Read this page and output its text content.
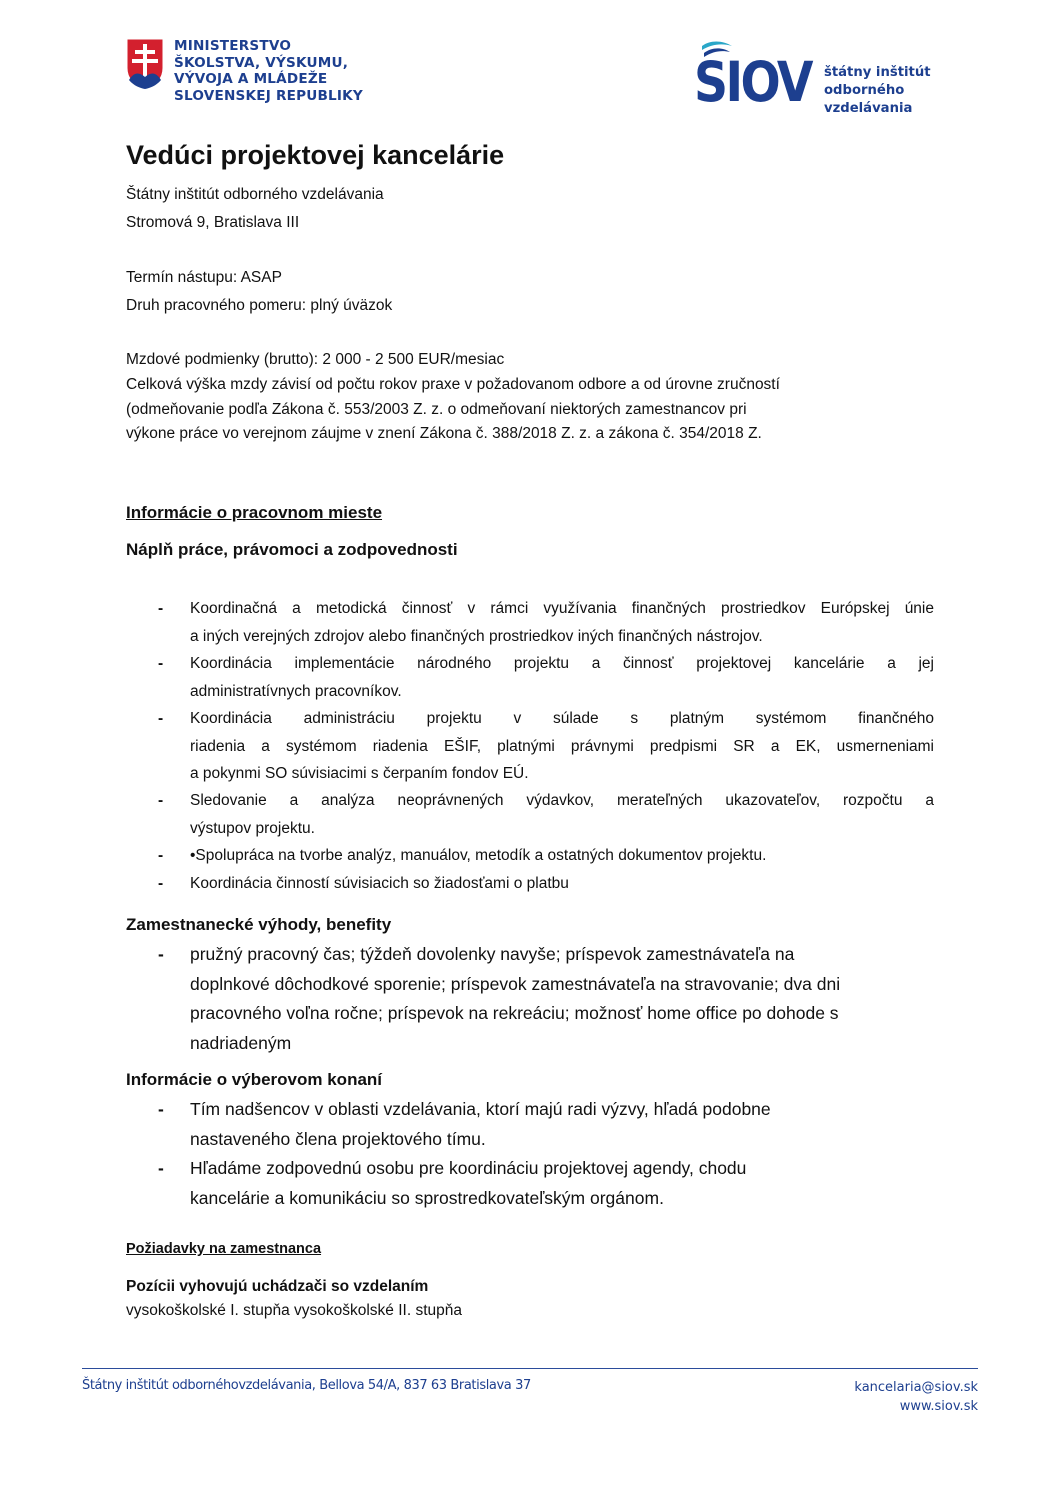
MINISTERSTVO
ŠKOLSTVA, VÝSKUMU,
VÝVOJA A MLÁDEŽE
SLOVENSKEJ REPUBLIKY	SIOV štátny inštitút
odborného
vzdelávania
Vedúci projektovej kancelárie
Štátny inštitút odborného vzdelávania
Stromová 9, Bratislava III
Termín nástupu: ASAP
Druh pracovného pomeru: plný úväzok
Mzdové podmienky (brutto): 2 000 - 2 500 EUR/mesiac
Celková výška mzdy závisí od počtu rokov praxe v požadovanom odbore a od úrovne zručností
(odmeňovanie podľa Zákona č. 553/2003 Z. z. o odmeňovaní niektorých zamestnancov pri
výkone práce vo verejnom záujme v znení Zákona č. 388/2018 Z. z. a zákona č. 354/2018 Z.
Informácie o pracovnom mieste
Náplň práce, právomoci a zodpovednosti
- Koordinačná a metodická činnosť v rámci využívania finančných prostriedkov Európskej únie
a iných verejných zdrojov alebo finančných prostriedkov iných finančných nástrojov.
- Koordinácia implementácie národného projektu a činnosť projektovej kancelárie a jej
administratívnych pracovníkov.
- Koordinácia administráciu projektu v súlade s platným systémom finančného
riadenia a systémom riadenia EŠIF, platnými právnymi predpismi SR a EK, usmerneniami
a pokynmi SO súvisiacimi s čerpaním fondov EÚ.
- Sledovanie a analýza neoprávnených výdavkov, merateľných ukazovateľov, rozpočtu a
výstupov projektu.
- •Spolupráca na tvorbe analýz, manuálov, metodík a ostatných dokumentov projektu.
- Koordinácia činností súvisiacich so žiadosťami o platbu
Zamestnanecké výhody, benefity
- pružný pracovný čas; týždeň dovolenky navyše; príspevok zamestnávateľa na
doplnkové dôchodkové sporenie; príspevok zamestnávateľa na stravovanie; dva dni
pracovného voľna ročne; príspevok na rekreáciu; možnosť home office po dohode s
nadriadeným
Informácie o výberovom konaní
- Tím nadšencov v oblasti vzdelávania, ktorí majú radi výzvy, hľadá podobne
nastaveného člena projektového tímu.
- Hľadáme zodpovednú osobu pre koordináciu projektovej agendy, chodu
kancelárie a komunikáciu so sprostredkovateľským orgánom.
Požiadavky na zamestnanca
Pozícii vyhovujú uchádzači so vzdelaním
vysokoškolské I. stupňa vysokoškolské II. stupňa
Štátny inštitút odbornéhovzdelávania, Bellova 54/A, 837 63 Bratislava 37	kancelaria@siov.sk
www.siov.sk
